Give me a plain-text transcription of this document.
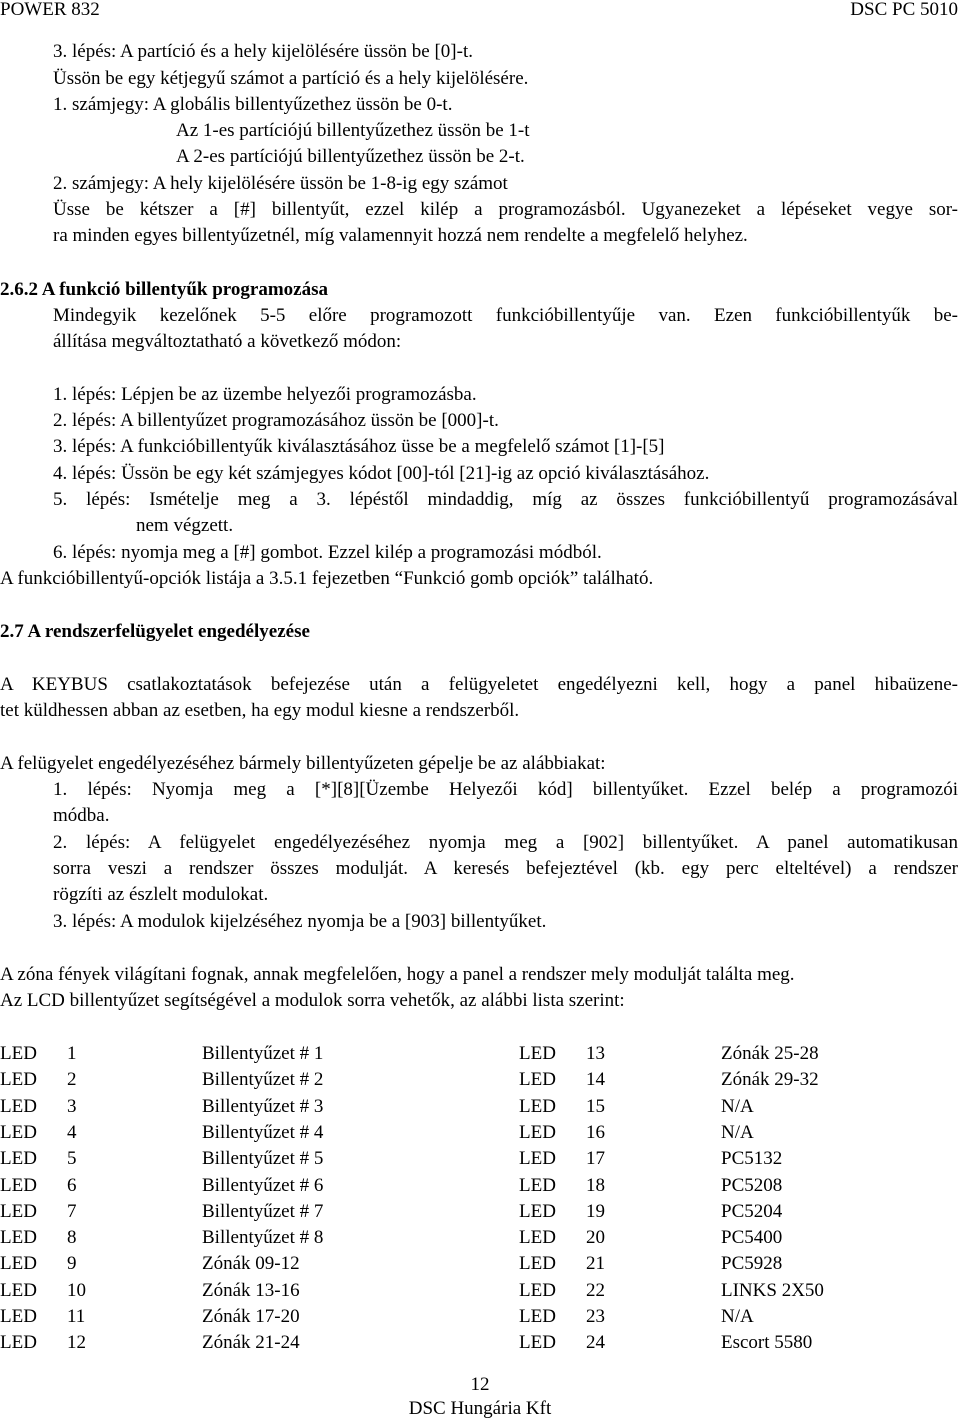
POWER 832	DSC PC 5010
3. lépés: A partíció és a hely kijelölésére üssön be [0]-t.
Üssön be egy kétjegyű számot a partíció és a hely kijelölésére.
1. számjegy: A globális billentyűzethez üssön be 0-t.
Az 1-es partíciójú billentyűzethez üssön be 1-t
A 2-es partíciójú billentyűzethez üssön be 2-t.
2. számjegy: A hely kijelölésére üssön be 1-8-ig egy számot
Üsse be kétszer a [#] billentyűt, ezzel kilép a programozásból. Ugyanezeket a lépéseket vegye sor-
ra minden egyes billentyűzetnél, míg valamennyit hozzá nem rendelte a megfelelő helyhez.
2.6.2 A funkció billentyűk programozása
Mindegyik kezelőnek 5-5 előre programozott funkcióbillentyűje van. Ezen funkcióbillentyűk be-
állítása megváltoztatható a következő módon:
1. lépés: Lépjen be az üzembe helyezői programozásba.
2. lépés: A billentyűzet programozásához üssön be [000]-t.
3. lépés: A funkcióbillentyűk kiválasztásához üsse be a megfelelő számot [1]-[5]
4. lépés: Üssön be egy két számjegyes kódot [00]-tól [21]-ig az opció kiválasztásához.
5. lépés: Ismételje meg a 3. lépéstől mindaddig, míg az összes funkcióbillentyű programozásával
nem végzett.
6. lépés: nyomja meg a [#] gombot. Ezzel kilép a programozási módból.
A funkcióbillentyű-opciók listája a 3.5.1 fejezetben “Funkció gomb opciók” található.
2.7 A rendszerfelügyelet engedélyezése
A KEYBUS csatlakoztatások befejezése után a felügyeletet engedélyezni kell, hogy a panel hibaüzene-
tet küldhessen abban az esetben, ha egy modul kiesne a rendszerből.
A felügyelet engedélyezéséhez bármely billentyűzeten gépelje be az alábbiakat:
1. lépés: Nyomja meg a [*][8][Üzembe Helyezői kód] billentyűket. Ezzel belép a programozói
módba.
2. lépés: A felügyelet engedélyezéséhez nyomja meg a [902] billentyűket. A panel automatikusan
sorra veszi a rendszer összes modulját. A keresés befejeztével (kb. egy perc elteltével) a rendszer
rögzíti az észlelt modulokat.
3. lépés: A modulok kijelzéséhez nyomja be a [903] billentyűket.
A zóna fények világítani fognak, annak megfelelően, hogy a panel a rendszer mely modulját találta meg.
Az LCD billentyűzet segítségével a modulok sorra vehetők, az alábbi lista szerint:
LED 1	Billentyűzet # 1
LED 2	Billentyűzet # 2
LED 3	Billentyűzet # 3
LED 4	Billentyűzet # 4
LED 5	Billentyűzet # 5
LED 6	Billentyűzet # 6
LED 7	Billentyűzet # 7
LED 8	Billentyűzet # 8
LED 9	Zónák 09-12
LED 10	Zónák 13-16
LED 11	Zónák 17-20
LED 12	Zónák 21-24
LED 13	Zónák 25-28
LED 14	Zónák 29-32
LED 15	N/A
LED 16	N/A
LED 17	PC5132
LED 18	PC5208
LED 19	PC5204
LED 20	PC5400
LED 21	PC5928
LED 22	LINKS 2X50
LED 23	N/A
LED 24	Escort 5580
12
DSC Hungária Kft
